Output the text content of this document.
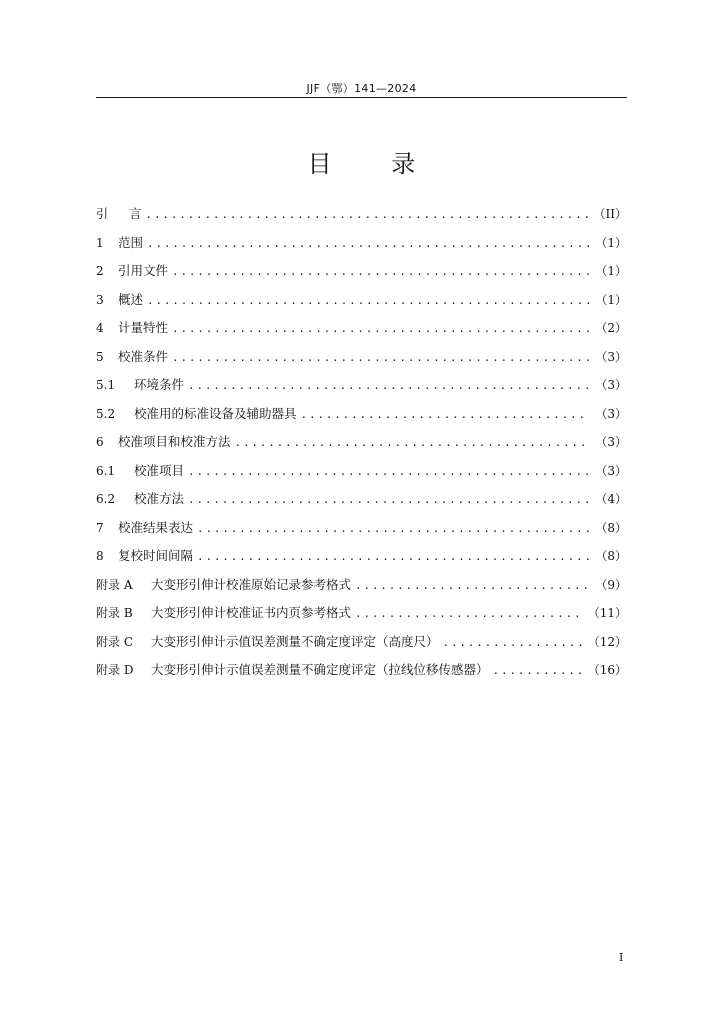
JJF（鄂）141—2024
目 录
引	言 .....	（II）
1	范围 .....	（1）
2	引用文件 .....	（1）
3	概述 .....	（1）
4	计量特性 .....	（2）
5	校准条件 .....	（3）
5.1	环境条件 .....	（3）
5.2	校准用的标准设备及辅助器具 .....	（3）
6	校准项目和校准方法 .....	（3）
6.1	校准项目 .....	（3）
6.2	校准方法 .....	（4）
7	校准结果表达 .....	（8）
8	复校时间间隔 .....	（8）
附录 A	大变形引伸计校准原始记录参考格式 .....	（9）
附录 B	大变形引伸计校准证书内页参考格式 .....	（11）
附录 C	大变形引伸计示值误差测量不确定度评定（高度尺） .....	（12）
附录 D	大变形引伸计示值误差测量不确定度评定（拉线位移传感器） .....	（16）
I
